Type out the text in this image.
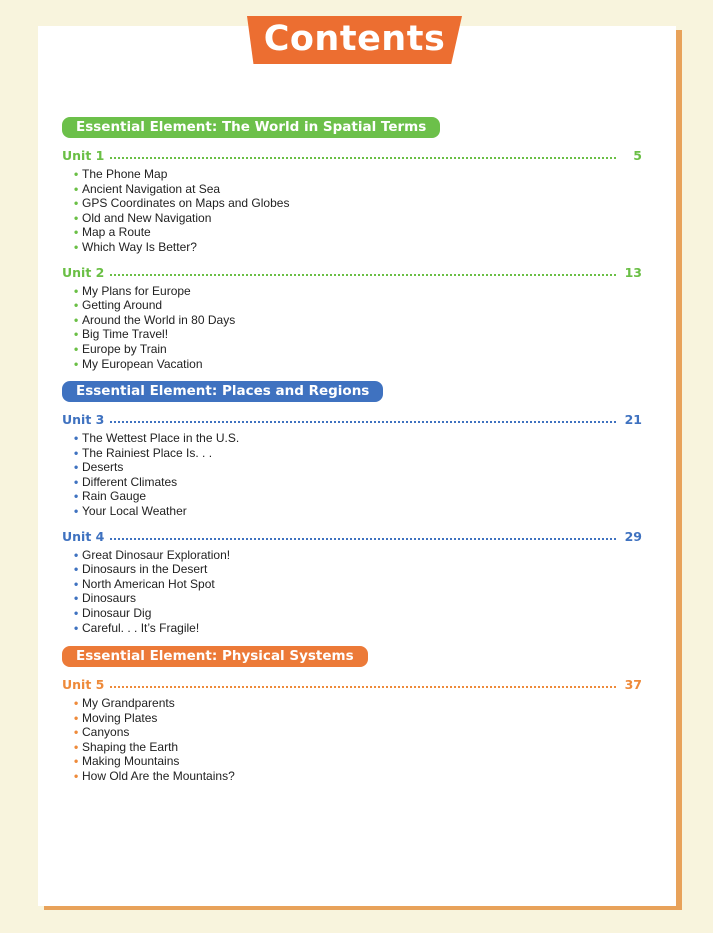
Contents
Essential Element: The World in Spatial Terms
Unit 1	5
• The Phone Map
• Ancient Navigation at Sea
• GPS Coordinates on Maps and Globes
• Old and New Navigation
• Map a Route
• Which Way Is Better?
Unit 2	13
• My Plans for Europe
• Getting Around
• Around the World in 80 Days
• Big Time Travel!
• Europe by Train
• My European Vacation
Essential Element: Places and Regions
Unit 3	21
• The Wettest Place in the U.S.
• The Rainiest Place Is. . .
• Deserts
• Different Climates
• Rain Gauge
• Your Local Weather
Unit 4	29
• Great Dinosaur Exploration!
• Dinosaurs in the Desert
• North American Hot Spot
• Dinosaurs
• Dinosaur Dig
• Careful. . . It’s Fragile!
Essential Element: Physical Systems
Unit 5	37
• My Grandparents
• Moving Plates
• Canyons
• Shaping the Earth
• Making Mountains
• How Old Are the Mountains?
